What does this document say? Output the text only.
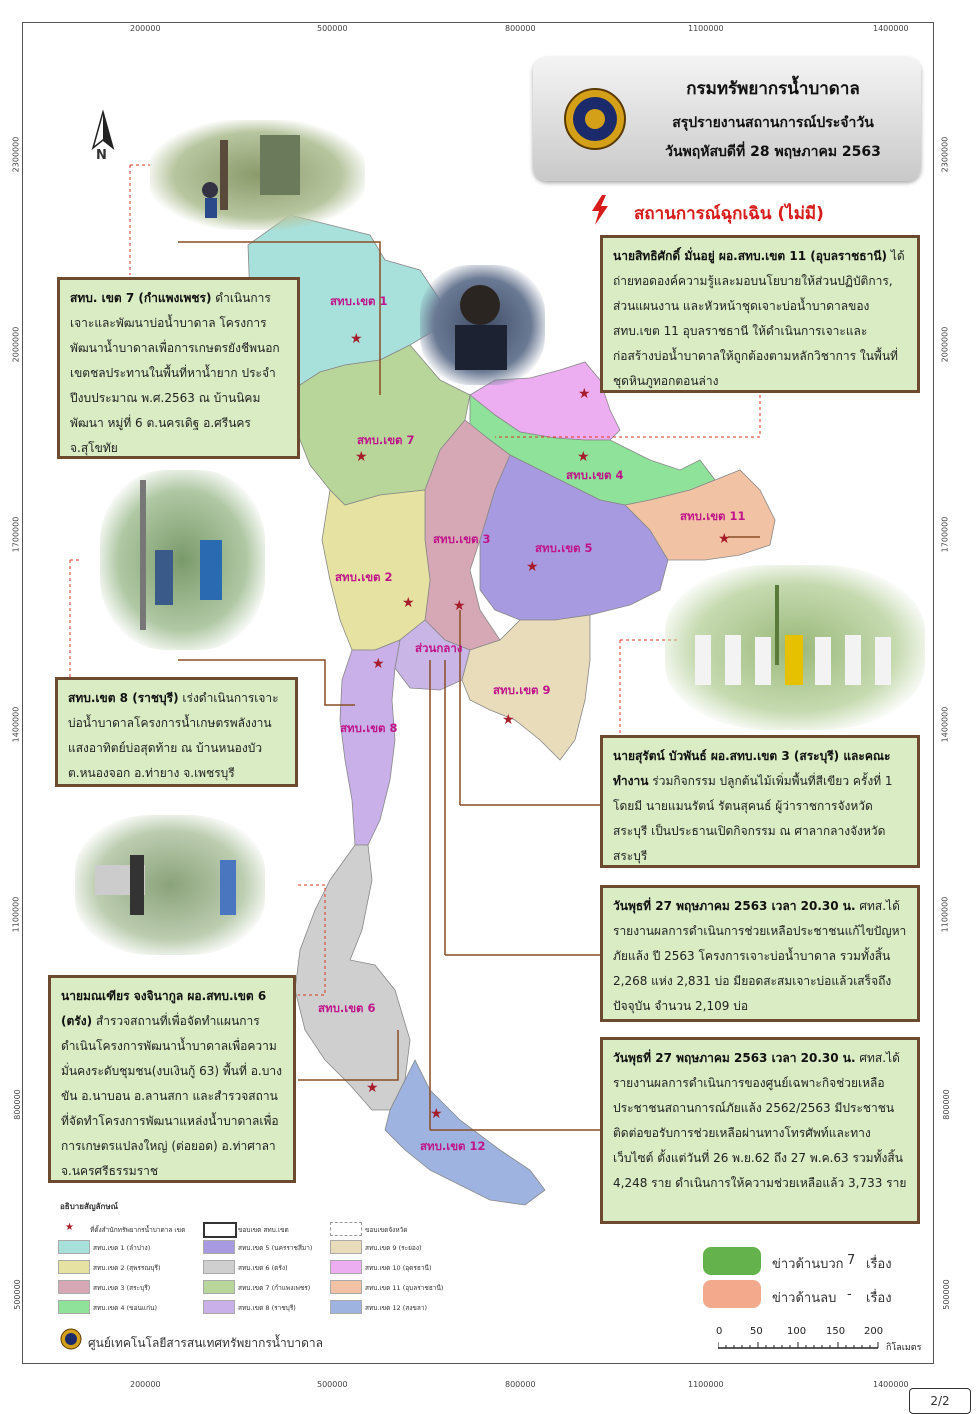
200000	500000	800000	1100000	1400000
200000	500000	800000	1100000	1400000
2300000
2000000
1700000
1400000
1100000
800000
500000
2300000
2000000
1700000
1400000
1100000
800000
500000
★
★
★	★
★
★
★
★
★
★
★
★
สทบ.เขต 1
สทบ.เขต 7
สทบ.เขต 2
สทบ.เขต 3
สทบ.เขต 5
สทบ.เขต 4
สทบ.เขต 11
ส่วนกลาง
สทบ.เขต 9
สทบ.เขต 8
สทบ.เขต 6
สทบ.เขต 12
N
กรมทรัพยากรน้ำบาดาล
สรุปรายงานสถานการณ์ประจำวัน
วันพฤหัสบดีที่ 28 พฤษภาคม 2563
สถานการณ์ฉุกเฉิน (ไม่มี)
สทบ. เขต 7 (กำแพงเพชร) ดำเนินการเจาะและพัฒนาบ่อน้ำบาดาล โครงการพัฒนาน้ำบาดาลเพื่อการเกษตรยังชีพนอกเขตชลประทานในพื้นที่หาน้ำยาก ประจำปีงบประมาณ พ.ศ.2563 ณ บ้านนิคมพัฒนา หมู่ที่ 6 ต.นครเดิฐ อ.ศรีนคร จ.สุโขทัย
นายสิทธิศักดิ์ มั่นอยู่ ผอ.สทบ.เขต 11 (อุบลราชธานี) ได้ถ่ายทอดองค์ความรู้และมอบนโยบายให้ส่วนปฏิบัติการ, ส่วนแผนงาน และหัวหน้าชุดเจาะบ่อน้ำบาดาลของ สทบ.เขต 11 อุบลราชธานี ให้ดำเนินการเจาะและก่อสร้างบ่อน้ำบาดาลให้ถูกต้องตามหลักวิชาการ ในพื้นที่ชุดหินภูทอกตอนล่าง
สทบ.เขต 8 (ราชบุรี) เร่งดำเนินการเจาะบ่อน้ำบาดาลโครงการน้ำเกษตรพลังงานแสงอาทิตย์บ่อสุดท้าย ณ บ้านหนองบัว ต.หนองจอก อ.ท่ายาง จ.เพชรบุรี
นายสุรัตน์ บัวพันธ์ ผอ.สทบ.เขต 3 (สระบุรี) และคณะทำงาน ร่วมกิจกรรม ปลูกต้นไม้เพิ่มพื้นที่สีเขียว ครั้งที่ 1 โดยมี นายแมนรัตน์ รัตนสุคนธ์ ผู้ว่าราชการจังหวัดสระบุรี เป็นประธานเปิดกิจกรรม ณ ศาลากลางจังหวัดสระบุรี
วันพุธที่ 27 พฤษภาคม 2563 เวลา 20.30 น. ศทส.ได้รายงานผลการดำเนินการช่วยเหลือประชาชนแก้ไขปัญหาภัยแล้ง ปี 2563 โครงการเจาะบ่อน้ำบาดาล รวมทั้งสิ้น 2,268 แห่ง 2,831 บ่อ มียอดสะสมเจาะบ่อแล้วเสร็จถึงปัจจุบัน จำนวน 2,109 บ่อ
นายมณเฑียร จงจินากูล ผอ.สทบ.เขต 6 (ตรัง) สำรวจสถานที่เพื่อจัดทำแผนการดำเนินโครงการพัฒนาน้ำบาดาลเพื่อความมั่นคงระดับชุมชน(งบเงินกู้ 63) พื้นที่ อ.บางขัน อ.นาบอน อ.ลานสกา และสำรวจสถานที่จัดทำโครงการพัฒนาแหล่งน้ำบาดาลเพื่อการเกษตรแปลงใหญ่ (ต่อยอด) อ.ท่าศาลา จ.นครศรีธรรมราช
วันพุธที่ 27 พฤษภาคม 2563 เวลา 20.30 น. ศทส.ได้รายงานผลการดำเนินการของศูนย์เฉพาะกิจช่วยเหลือประชาชนสถานการณ์ภัยแล้ง 2562/2563 มีประชาชนติดต่อขอรับการช่วยเหลือผ่านทางโทรศัพท์และทางเว็บไซต์ ตั้งแต่วันที่ 26 พ.ย.62 ถึง 27 พ.ค.63 รวมทั้งสิ้น 4,248 ราย ดำเนินการให้ความช่วยเหลือแล้ว 3,733 ราย
อธิบายสัญลักษณ์
★ ที่ตั้งสำนักทรัพยากรน้ำบาดาล เขต	ขอบเขต สทบ.เขต	ขอบเขตจังหวัด
สทบ.เขต 1 (ลำปาง)	สทบ.เขต 5 (นครราชสีมา)	สทบ.เขต 9 (ระยอง)
สทบ.เขต 2 (สุพรรณบุรี)	สทบ.เขต 6 (ตรัง)	สทบ.เขต 10 (อุดรธานี)
สทบ.เขต 3 (สระบุรี)	สทบ.เขต 7 (กำแพงเพชร)	สทบ.เขต 11 (อุบลราชธานี)
สทบ.เขต 4 (ขอนแก่น)	สทบ.เขต 8 (ราชบุรี)	สทบ.เขต 12 (สงขลา)
ศูนย์เทคโนโลยีสารสนเทศทรัพยากรน้ำบาดาล
ข่าวด้านบวก 7 เรื่อง
ข่าวด้านลบ - เรื่อง
0	50 100 150 200
กิโลเมตร
2/2
